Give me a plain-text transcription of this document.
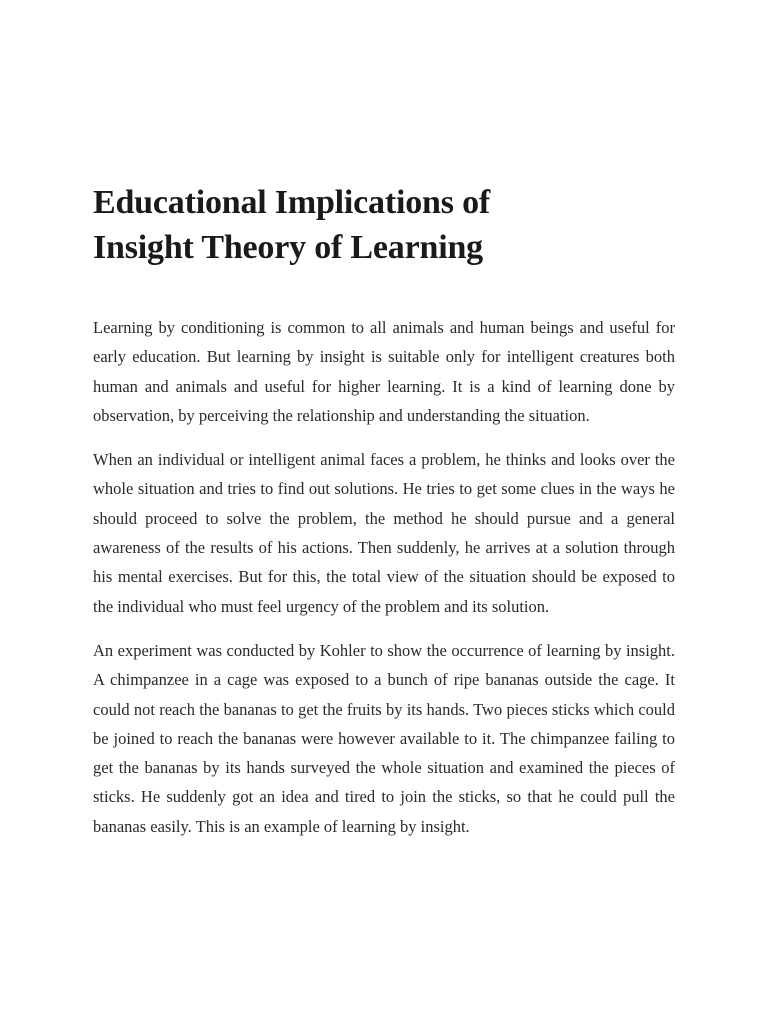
Educational Implications of
Insight Theory of Learning

Learning by conditioning is common to all animals and human beings and useful for early education. But learning by insight is suitable only for intelligent creatures both human and animals and useful for higher learning. It is a kind of learning done by observation, by perceiving the relationship and understanding the situation.

When an individual or intelligent animal faces a problem, he thinks and looks over the whole situation and tries to find out solutions. He tries to get some clues in the ways he should proceed to solve the problem, the method he should pursue and a general awareness of the results of his actions. Then suddenly, he arrives at a solution through his mental exercises. But for this, the total view of the situation should be exposed to the individual who must feel urgency of the problem and its solution.

An experiment was conducted by Kohler to show the occurrence of learning by insight. A chimpanzee in a cage was exposed to a bunch of ripe bananas outside the cage. It could not reach the bananas to get the fruits by its hands. Two pieces sticks which could be joined to reach the bananas were however available to it. The chimpanzee failing to get the bananas by its hands surveyed the whole situation and examined the pieces of sticks. He suddenly got an idea and tired to join the sticks, so that he could pull the bananas easily. This is an example of learning by insight.
